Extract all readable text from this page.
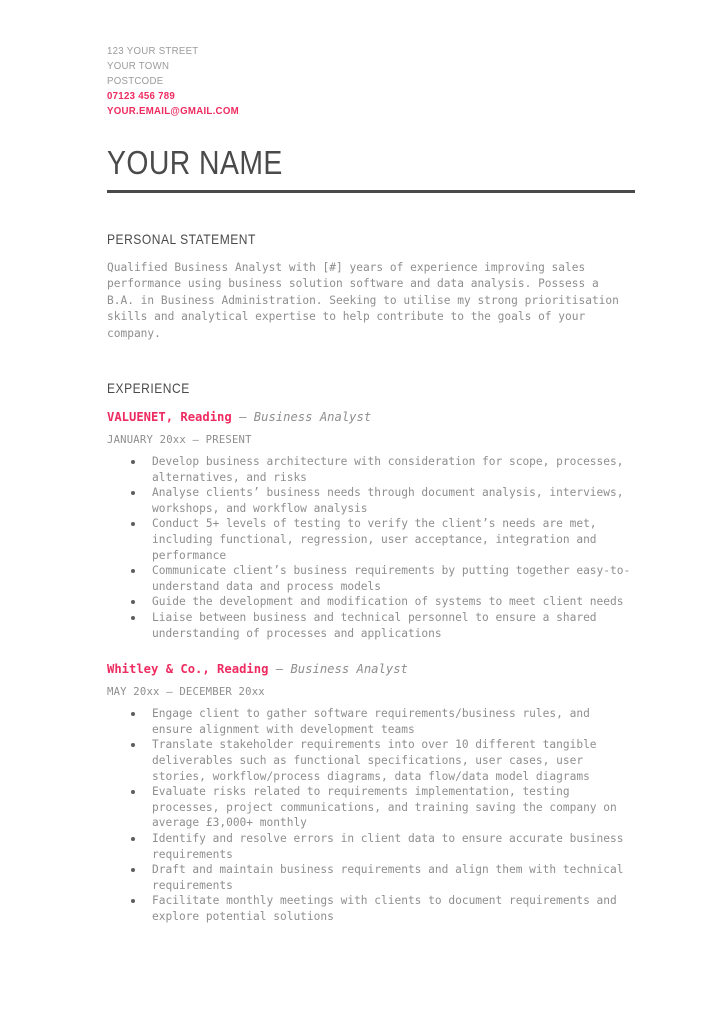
123 YOUR STREET
YOUR TOWN
POSTCODE
07123 456 789
YOUR.EMAIL@GMAIL.COM
YOUR NAME
PERSONAL STATEMENT

Qualified Business Analyst with [#] years of experience improving sales performance using business solution software and data analysis. Possess a B.A. in Business Administration. Seeking to utilise my strong prioritisation skills and analytical expertise to help contribute to the goals of your company.

EXPERIENCE
VALUENET, Reading — Business Analyst
JANUARY 20xx – PRESENT
Develop business architecture with consideration for scope, processes, alternatives, and risks
Analyse clients’ business needs through document analysis, interviews, workshops, and workflow analysis
Conduct 5+ levels of testing to verify the client’s needs are met, including functional, regression, user acceptance, integration and performance
Communicate client’s business requirements by putting together easy-to-understand data and process models
Guide the development and modification of systems to meet client needs
Liaise between business and technical personnel to ensure a shared understanding of processes and applications
Whitley & Co., Reading — Business Analyst
MAY 20xx – DECEMBER 20xx
Engage client to gather software requirements/business rules, and ensure alignment with development teams
Translate stakeholder requirements into over 10 different tangible deliverables such as functional specifications, user cases, user stories, workflow/process diagrams, data flow/data model diagrams
Evaluate risks related to requirements implementation, testing processes, project communications, and training saving the company on average £3,000+ monthly
Identify and resolve errors in client data to ensure accurate business requirements
Draft and maintain business requirements and align them with technical requirements
Facilitate monthly meetings with clients to document requirements and explore potential solutions
